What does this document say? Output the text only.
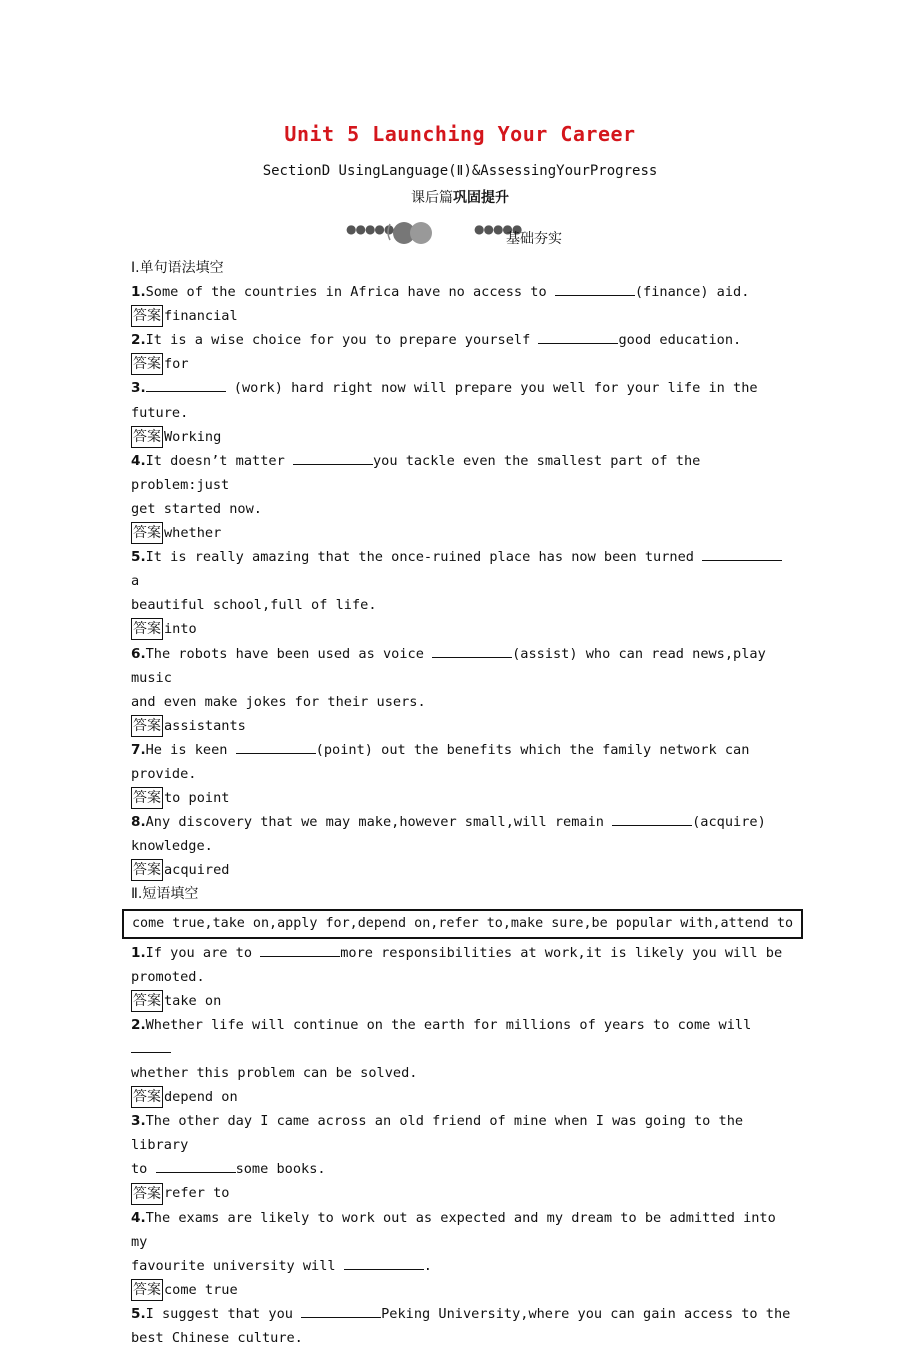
Unit 5 Launching Your Career
SectionD UsingLanguage(Ⅱ)&AssessingYourProgress
课后篇巩固提升
●●●●●	●●●●●
基础夯实
Ⅰ.单句语法填空
1.Some of the countries in Africa have no access to	(finance) aid.
答案 financial
2.It is a wise choice for you to prepare yourself	good education.
答案 for
3.	(work) hard right now will prepare you well for your life in the future.
答案 Working
4.It doesn’t matter	you tackle even the smallest part of the problem:just
get started now.
答案 whether
5.It is really amazing that the once-ruined place has now been turned	a
beautiful school,full of life.
答案 into
6.The robots have been used as voice	(assist) who can read news,play music
and even make jokes for their users.
答案 assistants
7.He is keen	(point) out the benefits which the family network can
provide.
答案 to point
8.Any discovery that we may make,however small,will remain	(acquire)
knowledge.
答案 acquired
Ⅱ.短语填空
come true,take on,apply for,depend on,refer to,make sure,be popular with,attend to
1.If you are to	more responsibilities at work,it is likely you will be
promoted.
答案 take on
2.Whether life will continue on the earth for millions of years to come will
whether this problem can be solved.
答案 depend on
3.The other day I came across an old friend of mine when I was going to the library
to	some books.
答案 refer to
4.The exams are likely to work out as expected and my dream to be admitted into my
favourite university will	.
答案 come true
5.I suggest that you	Peking University,where you can gain access to the
best Chinese culture.
